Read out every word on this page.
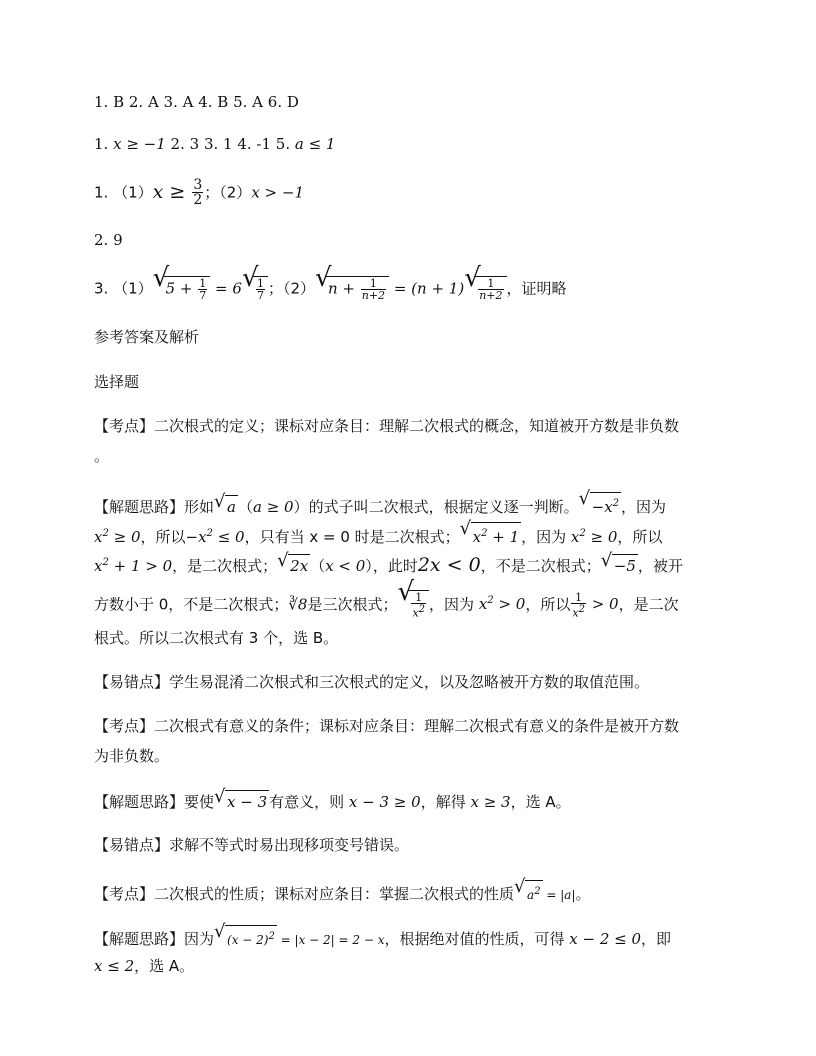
1. B 2. A 3. A 4. B 5. A 6. D
1. x ≥ −1 2. 3 3. 1 4. -1 5. a ≤ 1
1. $(1)x \ge \frac{3}{2}$ ；（2）x > −1
2. 9
3. （1） √ $5 + \frac{1}{7} = 6$ √ $\frac{1}{7}$ ；（2） √ $n + \frac{1}{n+2} = (n + 1)$ √ $\frac{1}{n+2}$ ，证明略
参考答案及解析
选择题
【考点】二次根式的定义；课标对应条目：理解二次根式的概念，知道被开方数是非负数
。
【解题思路】形如 √ a （a ≥ 0）的式子叫二次根式，根据定义逐一判断。 √ $-x^2$ ，因为
$x^2 \ge 0$，所以$-x^2 \le 0$，只有当 x = 0 时是二次根式； √ $x^2 + 1$ ，因为 $x^2 \ge 0$，所以
$x^2 + 1 > 0$，是二次根式； √ 2x （x < 0），此时2x < 0，不是二次根式； √ −5 ，被开
方数小于 0，不是二次根式；∛8是三次根式； √ $\frac{1}{x^2}$ ，因为 $x^2 > 0$，所以 $\frac{1}{x^2} > 0$，是二次
根式。所以二次根式有 3 个，选 B。
【易错点】学生易混淆二次根式和三次根式的定义，以及忽略被开方数的取值范围。
【考点】二次根式有意义的条件；课标对应条目：理解二次根式有意义的条件是被开方数
为非负数。
【解题思路】要使 √ x − 3 有意义，则 x − 3 ≥ 0，解得 x ≥ 3，选 A。
【易错点】求解不等式时易出现移项变号错误。
【考点】二次根式的性质；课标对应条目：掌握二次根式的性质 √ $a^2 = |a|$。
【解题思路】因为 √ $(x - 2)^2 = |x - 2| = 2 - x$，根据绝对值的性质，可得 x − 2 ≤ 0，即
x ≤ 2，选 A。
